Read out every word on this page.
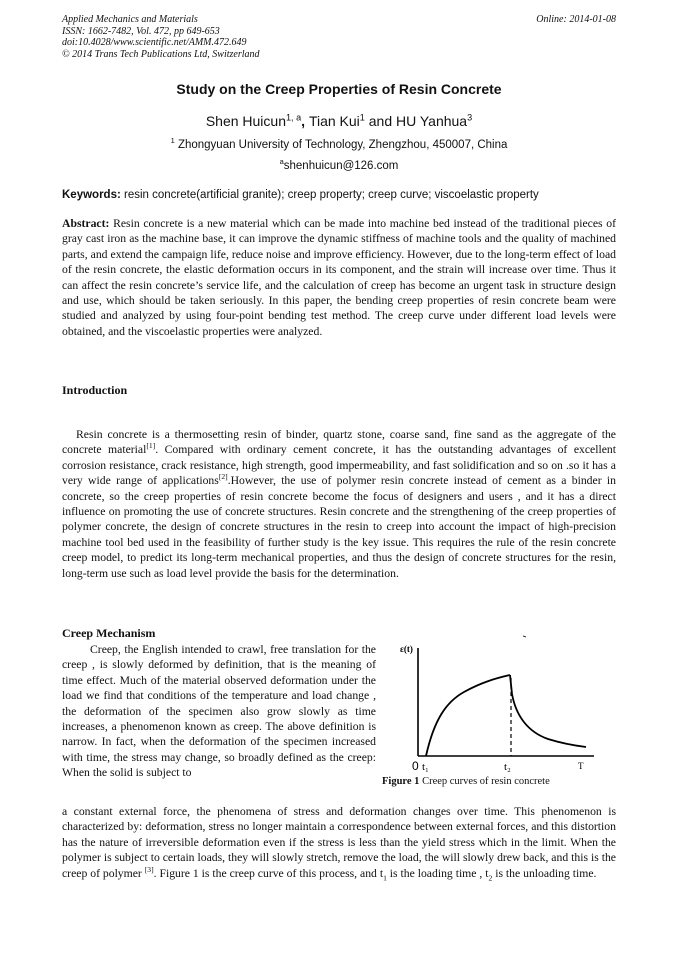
Applied Mechanics and Materials
ISSN: 1662-7482, Vol. 472, pp 649-653
doi:10.4028/www.scientific.net/AMM.472.649
© 2014 Trans Tech Publications Ltd, Switzerland
Online: 2014-01-08
Study on the Creep Properties of Resin Concrete
Shen Huicun$^{1, a}$, Tian Kui$^1$ and HU Yanhua$^3$
$^1$ Zhongyuan University of Technology, Zhengzhou, 450007, China
$^a$shenhuicun@126.com
Keywords: resin concrete(artificial granite); creep property; creep curve; viscoelastic property
Abstract: Resin concrete is a new material which can be made into machine bed instead of the traditional pieces of gray cast iron as the machine base, it can improve the dynamic stiffness of machine tools and the quality of machined parts, and extend the campaign life, reduce noise and improve efficiency. However, due to the long-term effect of load of the resin concrete, the elastic deformation occurs in its component, and the strain will increase over time. Thus it can affect the resin concrete’s service life, and the calculation of creep has become an urgent task in structure design and use, which should be taken seriously. In this paper, the bending creep properties of resin concrete beam were studied and analyzed by using four-point bending test method. The creep curve under different load levels were obtained, and the viscoelastic properties were analyzed.
Introduction
Resin concrete is a thermosetting resin of binder, quartz stone, coarse sand, fine sand as the aggregate of the concrete material[1]. Compared with ordinary cement concrete, it has the outstanding advantages of excellent corrosion resistance, crack resistance, high strength, good impermeability, and fast solidification and so on .so it has a very wide range of applications[2].However, the use of polymer resin concrete instead of cement as a binder in concrete, so the creep properties of resin concrete become the focus of designers and users , and it has a direct influence on promoting the use of concrete structures. Resin concrete and the strengthening of the creep properties of polymer concrete, the design of concrete structures in the resin to creep into account the impact of high-precision machine tool bed used in the feasibility of further study is the key issue. This requires the rule of the resin concrete creep model, to predict its long-term mechanical properties, and thus the design of concrete structures for the resin, long-term use such as load level provide the basis for the determination.
Creep Mechanism
Creep, the English intended to crawl, free translation for the creep , is slowly deformed by definition, that is the meaning of time effect. Much of the material observed deformation under the load we find that conditions of the temperature and load change , the deformation of the specimen also grow slowly as time increases, a phenomenon known as creep. The above definition is narrow. In fact, when the deformation of the specimen increased with time, the stress may change, so broadly defined as the creep: When the solid is subject to
a constant external force, the phenomena of stress and deformation changes over time. This phenomenon is characterized by: deformation, stress no longer maintain a correspondence between external forces, and this distortion has the nature of irreversible deformation even if the stress is less than the yield stress which in the limit. When the polymer is subject to certain loads, they will slowly stretch, remove the load, the will slowly drew back, and this is the creep of polymer [3]. Figure 1 is the creep curve of this process, and $t_1$ is the loading time , $t_2$ is the unloading time.
ε(t)
0 t₁	t₂	T
Figure 1 Creep curves of resin concrete
